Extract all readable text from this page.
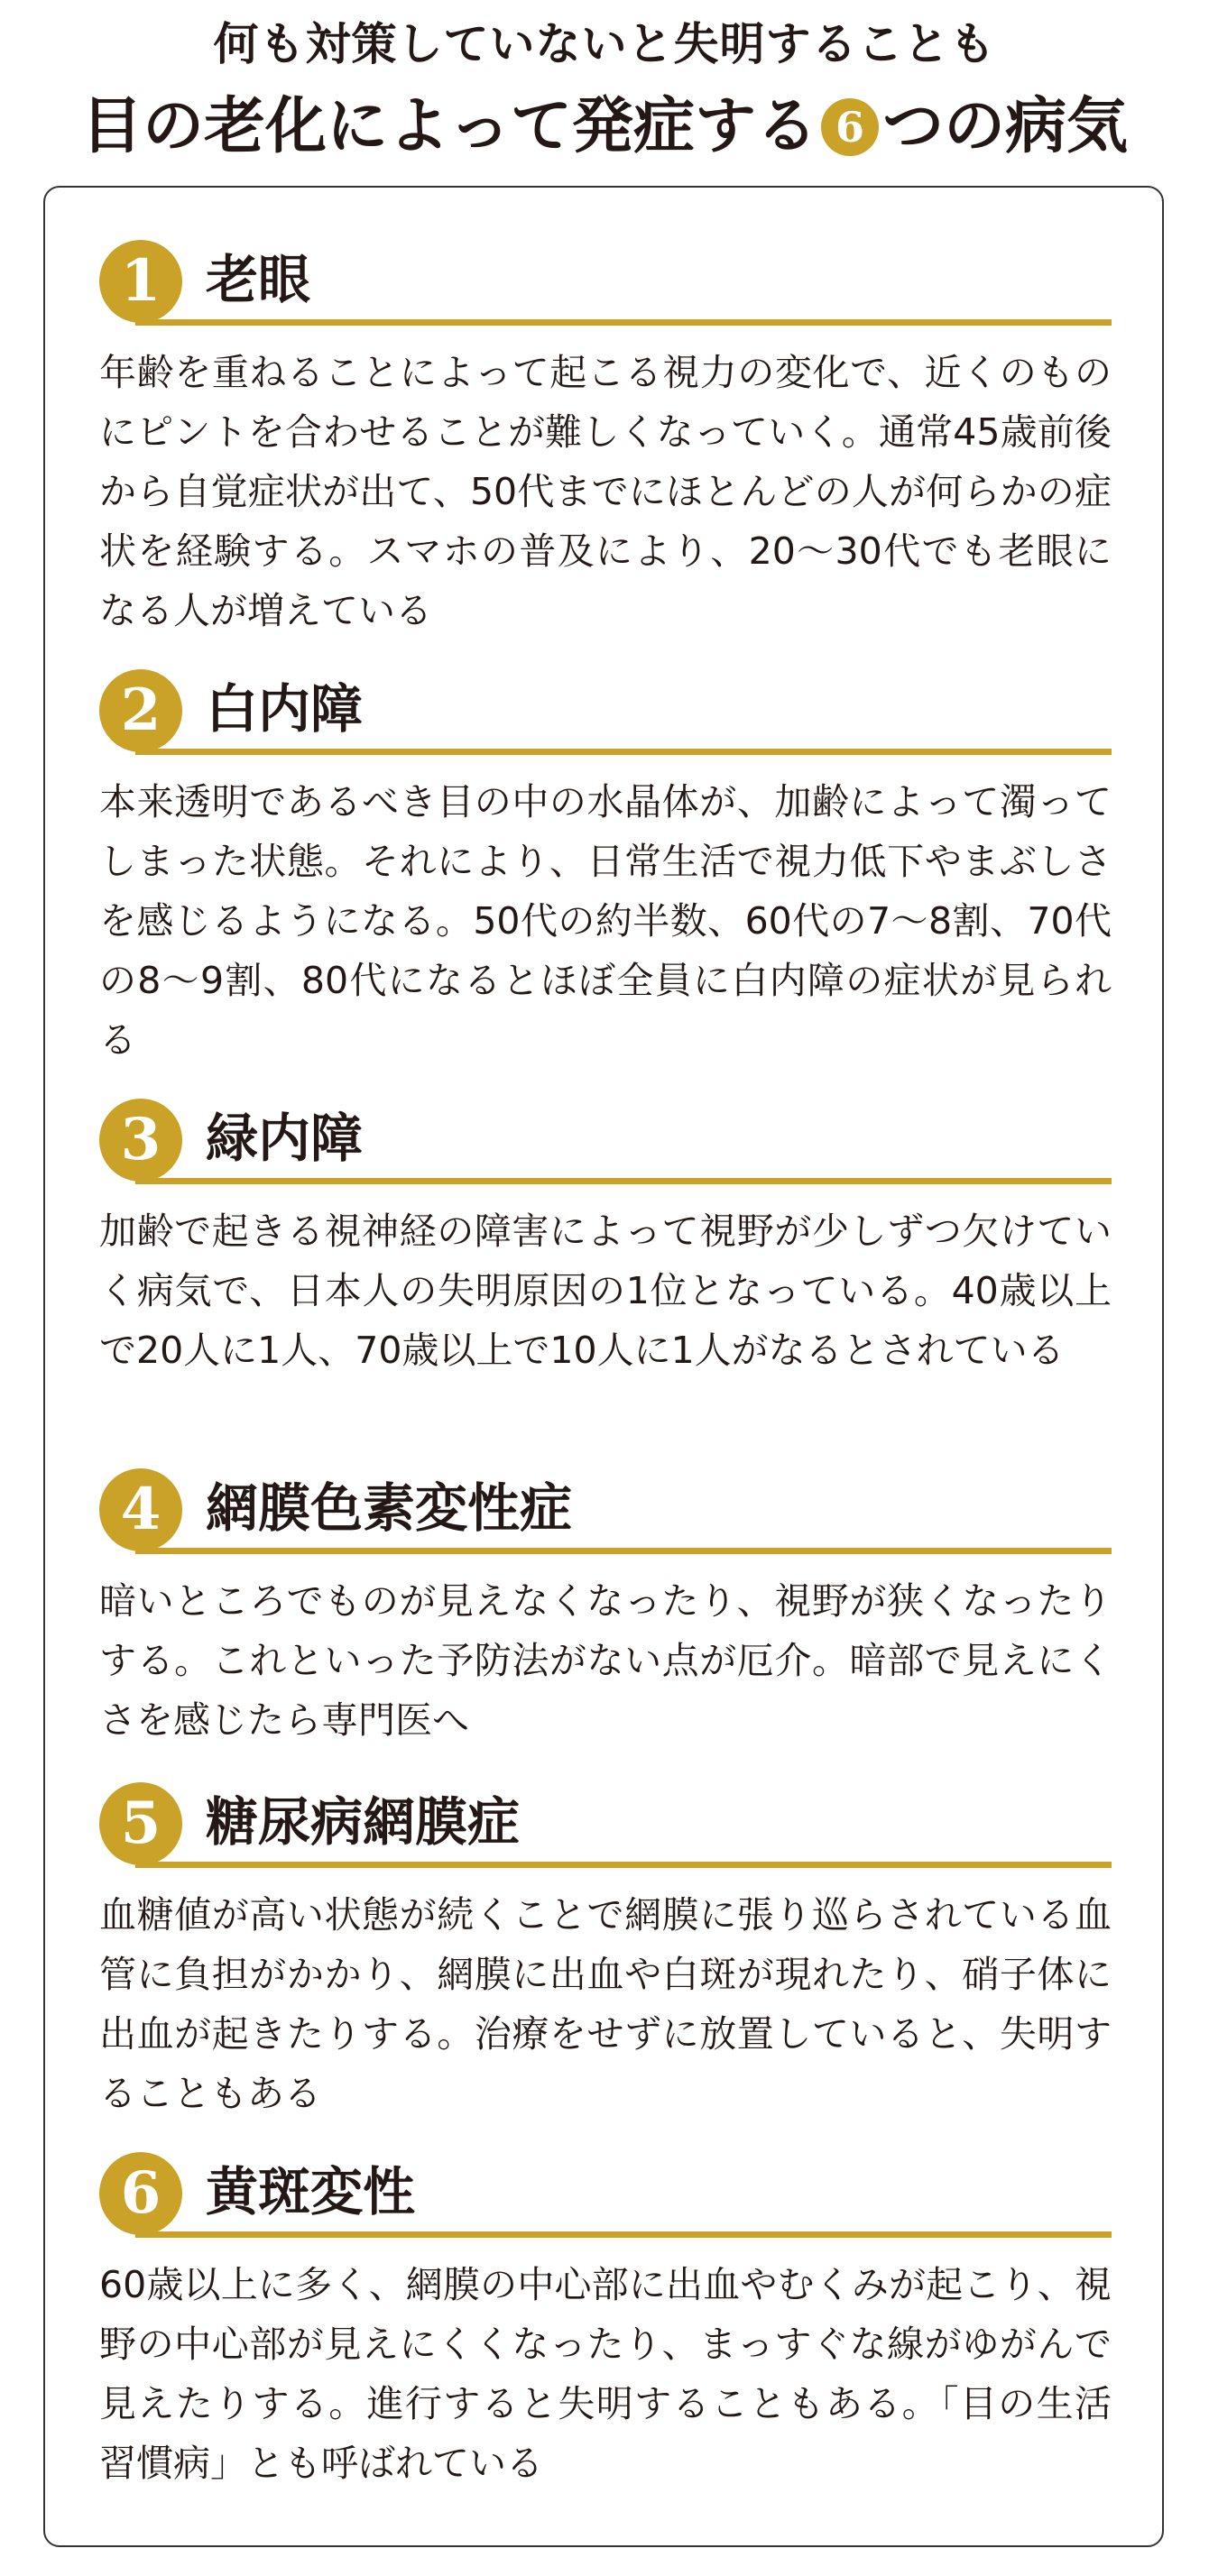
何も対策していないと失明することも
目の老化によって発症する 6 つの病気
1 老眼
年齢を重ねることによって起こる視力の変化で、近くのものにピントを合わせることが難しくなっていく。通常45歳前後から自覚症状が出て、50代までにほとんどの人が何らかの症状を経験する。スマホの普及により、20～30代でも老眼になる人が増えている
2 白内障
本来透明であるべき目の中の水晶体が、加齢によって濁ってしまった状態。それにより、日常生活で視力低下やまぶしさを感じるようになる。50代の約半数、60代の7～8割、70代の8～9割、80代になるとほぼ全員に白内障の症状が見られる
3 緑内障
加齢で起きる視神経の障害によって視野が少しずつ欠けていく病気で、日本人の失明原因の1位となっている。40歳以上で20人に1人、70歳以上で10人に1人がなるとされている
4 網膜色素変性症
暗いところでものが見えなくなったり、視野が狭くなったりする。これといった予防法がない点が厄介。暗部で見えにくさを感じたら専門医へ
5 糖尿病網膜症
血糖値が高い状態が続くことで網膜に張り巡らされている血管に負担がかかり、網膜に出血や白斑が現れたり、硝子体に出血が起きたりする。治療をせずに放置していると、失明することもある
6 黄斑変性
60歳以上に多く、網膜の中心部に出血やむくみが起こり、視野の中心部が見えにくくなったり、まっすぐな線がゆがんで見えたりする。進行すると失明することもある。「目の生活習慣病」とも呼ばれている
